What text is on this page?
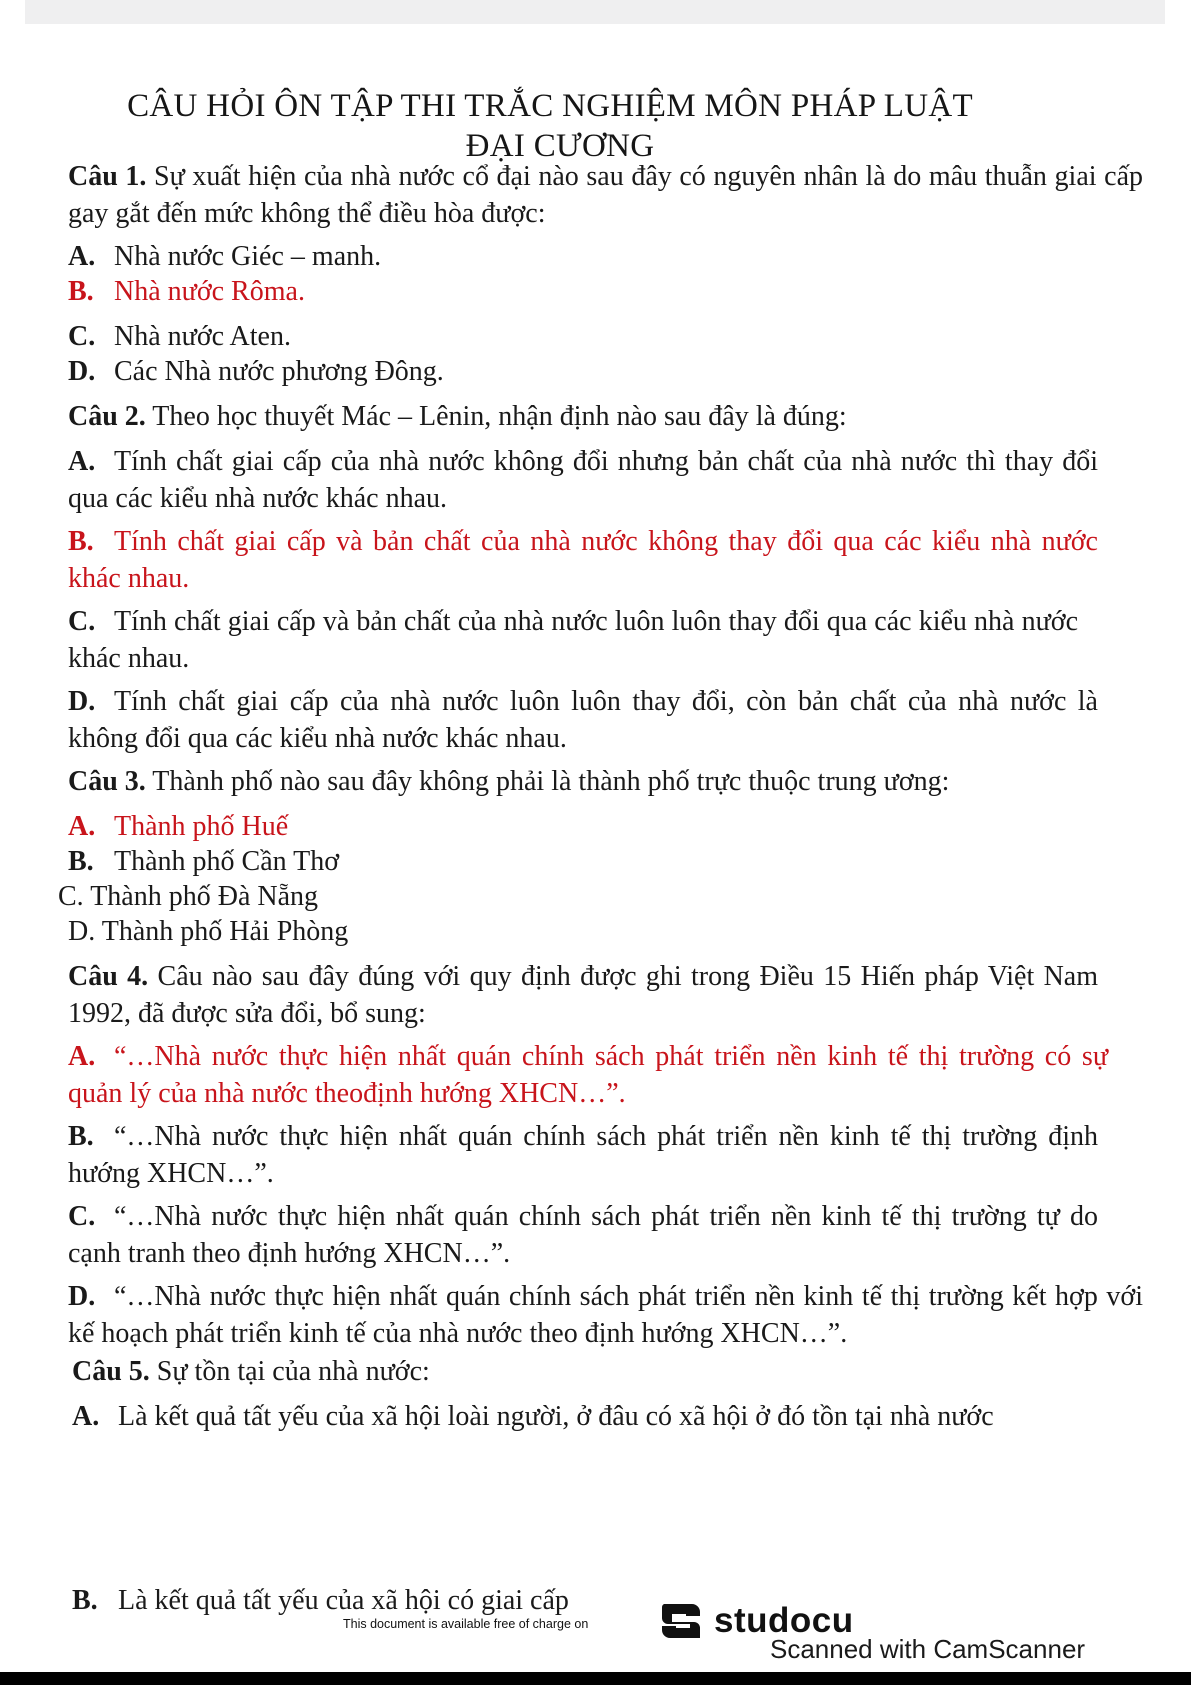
CÂU HỎI ÔN TẬP THI TRẮC NGHIỆM MÔN PHÁP LUẬT
ĐẠI CƯƠNG
Câu 1. Sự xuất hiện của nhà nước cổ đại nào sau đây có nguyên nhân là do mâu thuẫn giai cấp gay gắt đến mức không thể điều hòa được:
A. Nhà nước Giéc – manh.
B. Nhà nước Rôma.
C. Nhà nước Aten.
D. Các Nhà nước phương Đông.
Câu 2. Theo học thuyết Mác – Lênin, nhận định nào sau đây là đúng:
A. Tính chất giai cấp của nhà nước không đổi nhưng bản chất của nhà nước thì thay đổi qua các kiểu nhà nước khác nhau.
B. Tính chất giai cấp và bản chất của nhà nước không thay đổi qua các kiểu nhà nước khác nhau.
C. Tính chất giai cấp và bản chất của nhà nước luôn luôn thay đổi qua các kiểu nhà nước khác nhau.
D. Tính chất giai cấp của nhà nước luôn luôn thay đổi, còn bản chất của nhà nước là không đổi qua các kiểu nhà nước khác nhau.
Câu 3. Thành phố nào sau đây không phải là thành phố trực thuộc trung ương:
A. Thành phố Huế
B. Thành phố Cần Thơ
C. Thành phố Đà Nẵng
D. Thành phố Hải Phòng
Câu 4. Câu nào sau đây đúng với quy định được ghi trong Điều 15 Hiến pháp Việt Nam 1992, đã được sửa đổi, bổ sung:
A. “…Nhà nước thực hiện nhất quán chính sách phát triển nền kinh tế thị trường có sự quản lý của nhà nước theođịnh hướng XHCN…”.
B. “…Nhà nước thực hiện nhất quán chính sách phát triển nền kinh tế thị trường định hướng XHCN…”.
C. “…Nhà nước thực hiện nhất quán chính sách phát triển nền kinh tế thị trường tự do cạnh tranh theo định hướng XHCN…”.
D. “…Nhà nước thực hiện nhất quán chính sách phát triển nền kinh tế thị trường kết hợp với kế hoạch phát triển kinh tế của nhà nước theo định hướng XHCN…”.
Câu 5. Sự tồn tại của nhà nước:
A. Là kết quả tất yếu của xã hội loài người, ở đâu có xã hội ở đó tồn tại nhà nước
B. Là kết quả tất yếu của xã hội có giai cấp
This document is available free of charge on	studocu
Scanned with CamScanner
